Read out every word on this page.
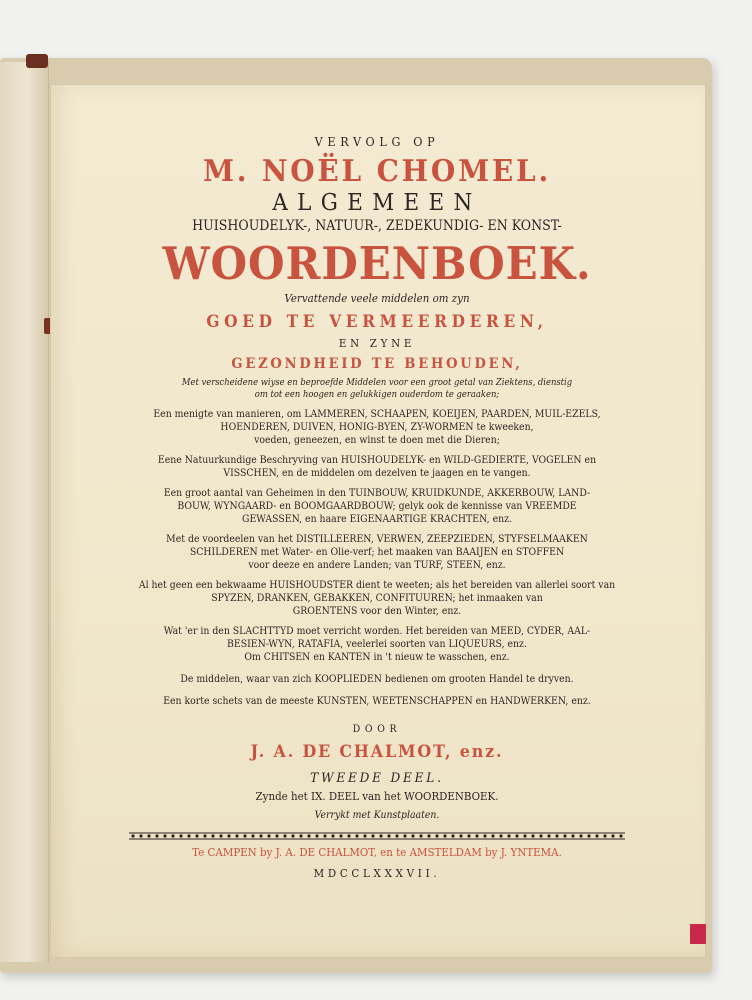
VERVOLG OP

M. NOËL CHOMEL.

ALGEMEEN

HUISHOUDELYK-, NATUUR-, ZEDEKUNDIG- EN KONST-

WOORDENBOEK.

Vervattende veele middelen om zyn

GOED TE VERMEERDEREN,

EN ZYNE

GEZONDHEID TE BEHOUDEN,

Met verscheidene wiyse en beproefde Middelen voor een groot getal van Ziektens, dienstig

om tot een hoogen en gelukkigen ouderdom te geraaken;

Een menigte van manieren, om LAMMEREN, SCHAAPEN, KOEIJEN, PAARDEN, MUIL-EZELS,

HOENDEREN, DUIVEN, HONIG-BYEN, ZY-WORMEN te kweeken,

voeden, geneezen, en winst te doen met die Dieren;

Eene Natuurkundige Beschryving van HUISHOUDELYK- en WILD-GEDIERTE, VOGELEN en

VISSCHEN, en de middelen om dezelven te jaagen en te vangen.

Een groot aantal van Geheimen in den TUINBOUW, KRUIDKUNDE, AKKERBOUW, LAND-

BOUW, WYNGAARD- en BOOMGAARDBOUW; gelyk ook de kennisse van VREEMDE

GEWASSEN, en haare EIGENAARTIGE KRACHTEN, enz.

Met de voordeelen van het DISTILLEEREN, VERWEN, ZEEPZIEDEN, STYFSELMAAKEN

SCHILDEREN met Water- en Olie-verf; het maaken van BAAIJEN en STOFFEN

voor deeze en andere Landen; van TURF, STEEN, enz.

Al het geen een bekwaame HUISHOUDSTER dient te weeten; als het bereiden van allerlei soort van

SPYZEN, DRANKEN, GEBAKKEN, CONFITUUREN; het inmaaken van

GROENTENS voor den Winter, enz.

Wat 'er in den SLACHTTYD moet verricht worden. Het bereiden van MEED, CYDER, AAL-

BESIEN-WYN, RATAFIA, veelerlei soorten van LIQUEURS, enz.

Om CHITSEN en KANTEN in 't nieuw te wasschen, enz.

De middelen, waar van zich KOOPLIEDEN bedienen om grooten Handel te dryven.

Een korte schets van de meeste KUNSTEN, WEETENSCHAPPEN en HANDWERKEN, enz.

DOOR

J. A. DE CHALMOT, enz.

TWEEDE DEEL.

Zynde het IX. DEEL van het WOORDENBOEK.

Verrykt met Kunstplaaten.

Te CAMPEN by J. A. DE CHALMOT, en te AMSTELDAM by J. YNTEMA.

MDCCLXXXVII.
